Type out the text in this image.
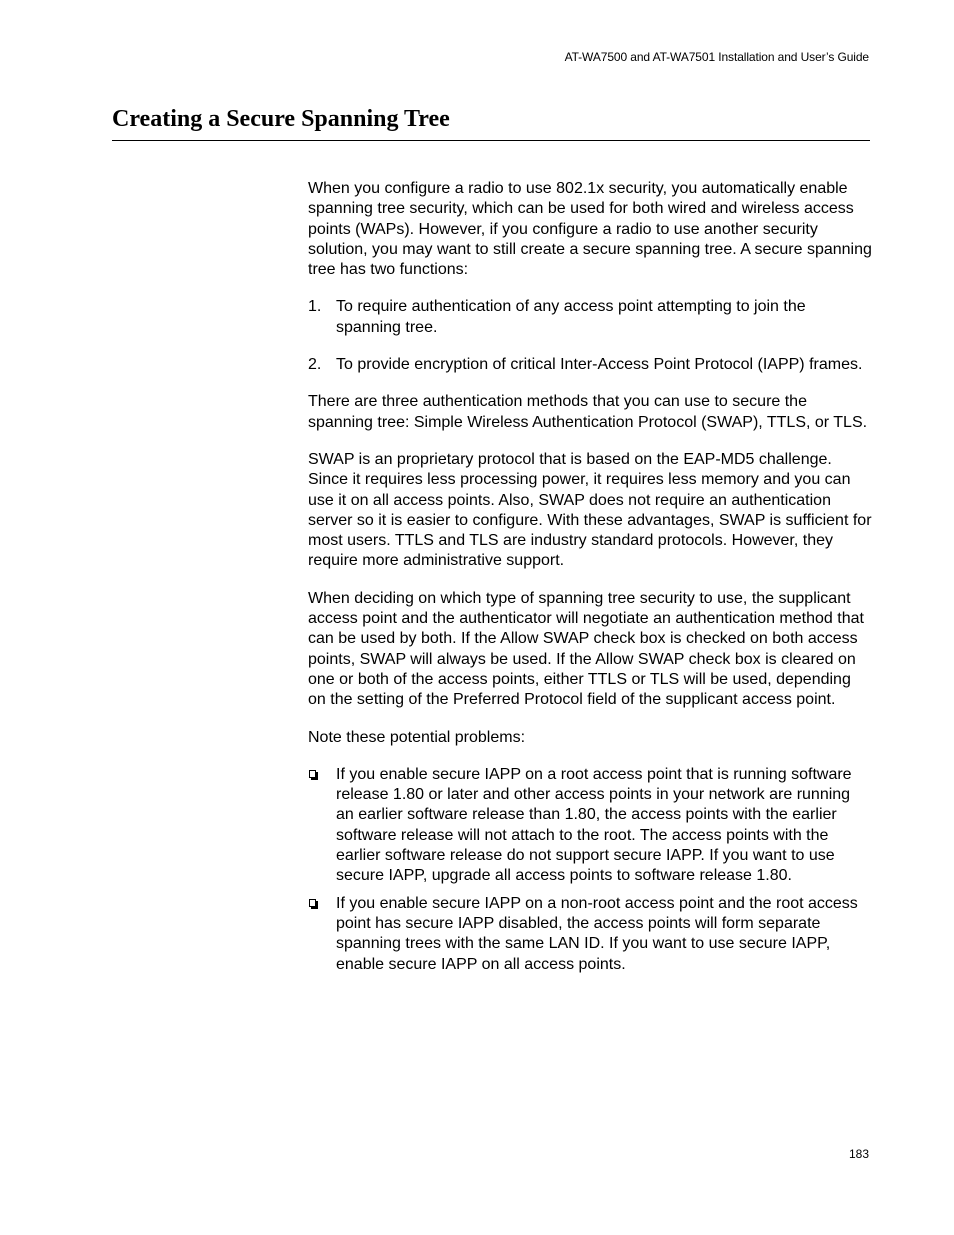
AT-WA7500 and AT-WA7501 Installation and User’s Guide
Creating a Secure Spanning Tree

When you configure a radio to use 802.1x security, you automatically enable spanning tree security, which can be used for both wired and wireless access points (WAPs). However, if you configure a radio to use another security solution, you may want to still create a secure spanning tree. A secure spanning tree has two functions:

1. To require authentication of any access point attempting to join the spanning tree.
2. To provide encryption of critical Inter-Access Point Protocol (IAPP) frames.

There are three authentication methods that you can use to secure the spanning tree: Simple Wireless Authentication Protocol (SWAP), TTLS, or TLS.

SWAP is an proprietary protocol that is based on the EAP-MD5 challenge. Since it requires less processing power, it requires less memory and you can use it on all access points. Also, SWAP does not require an authentication server so it is easier to configure. With these advantages, SWAP is sufficient for most users. TTLS and TLS are industry standard protocols. However, they require more administrative support.

When deciding on which type of spanning tree security to use, the supplicant access point and the authenticator will negotiate an authentication method that can be used by both. If the Allow SWAP check box is checked on both access points, SWAP will always be used. If the Allow SWAP check box is cleared on one or both of the access points, either TTLS or TLS will be used, depending on the setting of the Preferred Protocol field of the supplicant access point.

Note these potential problems:

If you enable secure IAPP on a root access point that is running software release 1.80 or later and other access points in your network are running an earlier software release than 1.80, the access points with the earlier software release will not attach to the root. The access points with the earlier software release do not support secure IAPP. If you want to use secure IAPP, upgrade all access points to software release 1.80.
If you enable secure IAPP on a non-root access point and the root access point has secure IAPP disabled, the access points will form separate spanning trees with the same LAN ID. If you want to use secure IAPP, enable secure IAPP on all access points.
183
